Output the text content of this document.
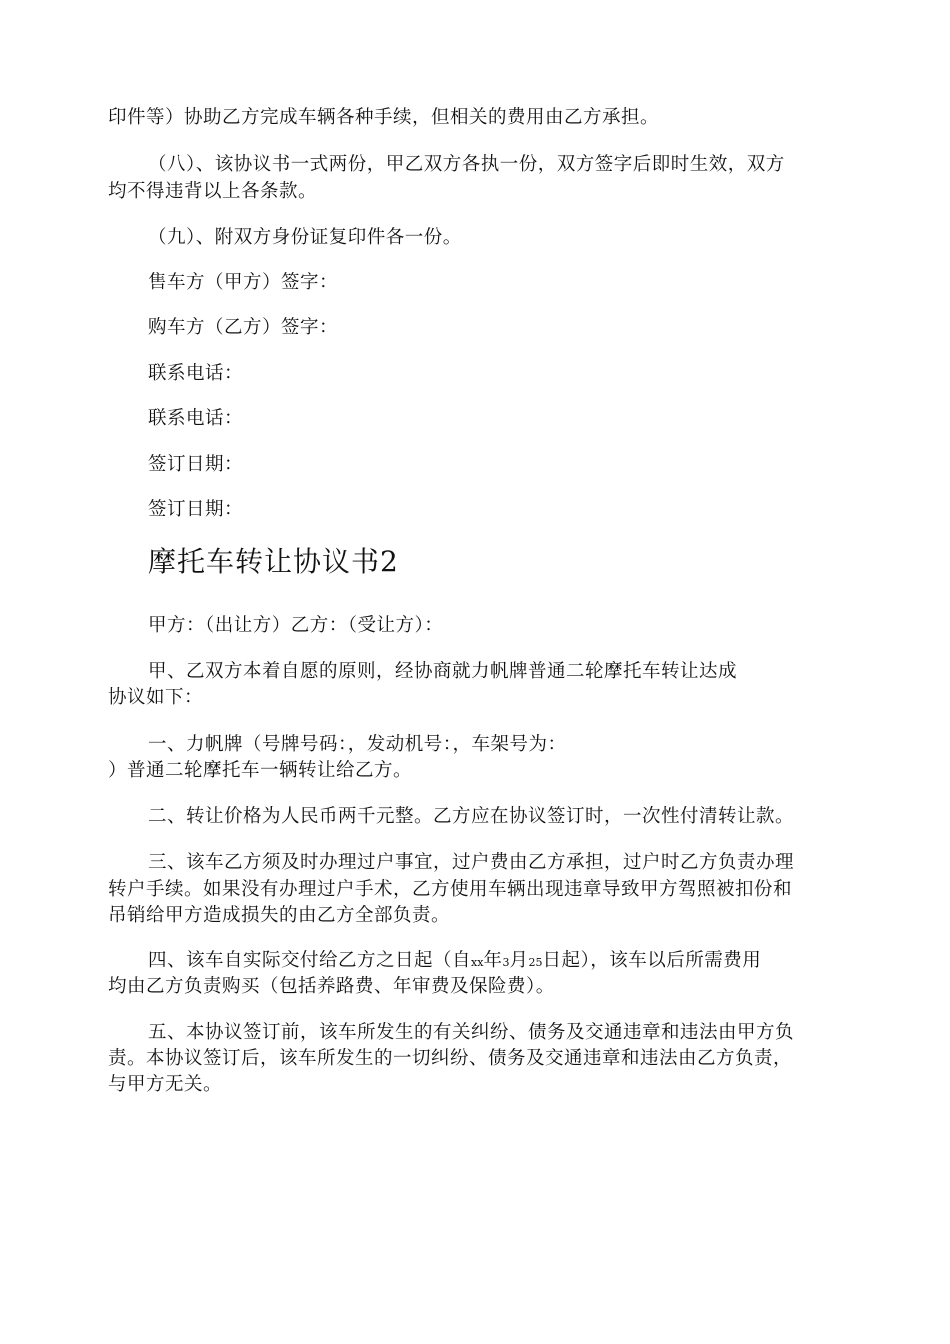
印件等）协助乙方完成车辆各种手续，但相关的费用由乙方承担。
（八）、该协议书一式两份，甲乙双方各执一份，双方签字后即时生效，双方
均不得违背以上各条款。
（九）、附双方身份证复印件各一份。
售车方（甲方）签字：
购车方（乙方）签字：
联系电话：
联系电话：
签订日期：
签订日期：
摩托车转让协议书2
甲方：（出让方）乙方：（受让方）：
甲、乙双方本着自愿的原则，经协商就力帆牌普通二轮摩托车转让达成
协议如下：
一、力帆牌（号牌号码：，发动机号：，车架号为：
）普通二轮摩托车一辆转让给乙方。
二、转让价格为人民币两千元整。乙方应在协议签订时，一次性付清转让款。
三、该车乙方须及时办理过户事宜，过户费由乙方承担，过户时乙方负责办理
转户手续。如果没有办理过户手术，乙方使用车辆出现违章导致甲方驾照被扣份和
吊销给甲方造成损失的由乙方全部负责。
四、该车自实际交付给乙方之日起（自xx年3月25日起），该车以后所需费用
均由乙方负责购买（包括养路费、年审费及保险费）。
五、本协议签订前，该车所发生的有关纠纷、债务及交通违章和违法由甲方负
责。本协议签订后，该车所发生的一切纠纷、债务及交通违章和违法由乙方负责，
与甲方无关。
